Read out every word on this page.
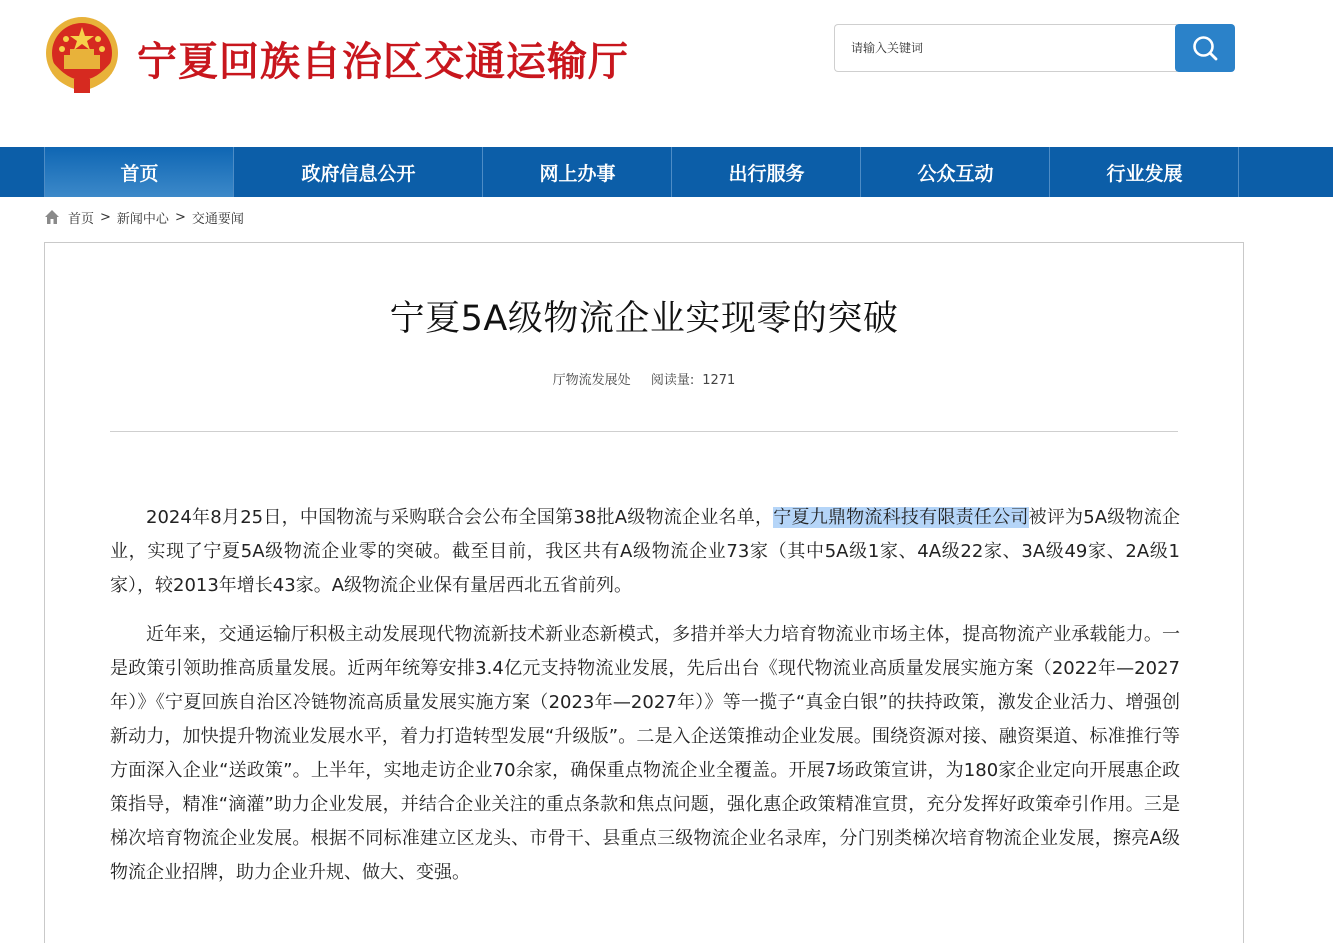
宁夏回族自治区交通运输厅
请输入关键词
首页	政府信息公开	网上办事	出行服务	公众互动	行业发展
首页 > 新闻中心 > 交通要闻
宁夏5A级物流企业实现零的突破
厅物流发展处 阅读量: 1271

2024年8月25日，中国物流与采购联合会公布全国第38批A级物流企业名单，宁夏九鼎物流科技有限责任公司被评为5A级物流企业，实现了宁夏5A级物流企业零的突破。截至目前，我区共有A级物流企业73家（其中5A级1家、4A级22家、3A级49家、2A级1家），较2013年增长43家。A级物流企业保有量居西北五省前列。

近年来，交通运输厅积极主动发展现代物流新技术新业态新模式，多措并举大力培育物流业市场主体，提高物流产业承载能力。一是政策引领助推高质量发展。近两年统筹安排3.4亿元支持物流业发展，先后出台《现代物流业高质量发展实施方案（2022年—2027年）》《宁夏回族自治区冷链物流高质量发展实施方案（2023年—2027年）》等一揽子“真金白银”的扶持政策，激发企业活力、增强创新动力，加快提升物流业发展水平，着力打造转型发展“升级版”。二是入企送策推动企业发展。围绕资源对接、融资渠道、标准推行等方面深入企业“送政策”。上半年，实地走访企业70余家，确保重点物流企业全覆盖。开展7场政策宣讲，为180家企业定向开展惠企政策指导，精准“滴灌”助力企业发展，并结合企业关注的重点条款和焦点问题，强化惠企政策精准宣贯，充分发挥好政策牵引作用。三是梯次培育物流企业发展。根据不同标准建立区龙头、市骨干、县重点三级物流企业名录库，分门别类梯次培育物流企业发展，擦亮A级物流企业招牌，助力企业升规、做大、变强。
